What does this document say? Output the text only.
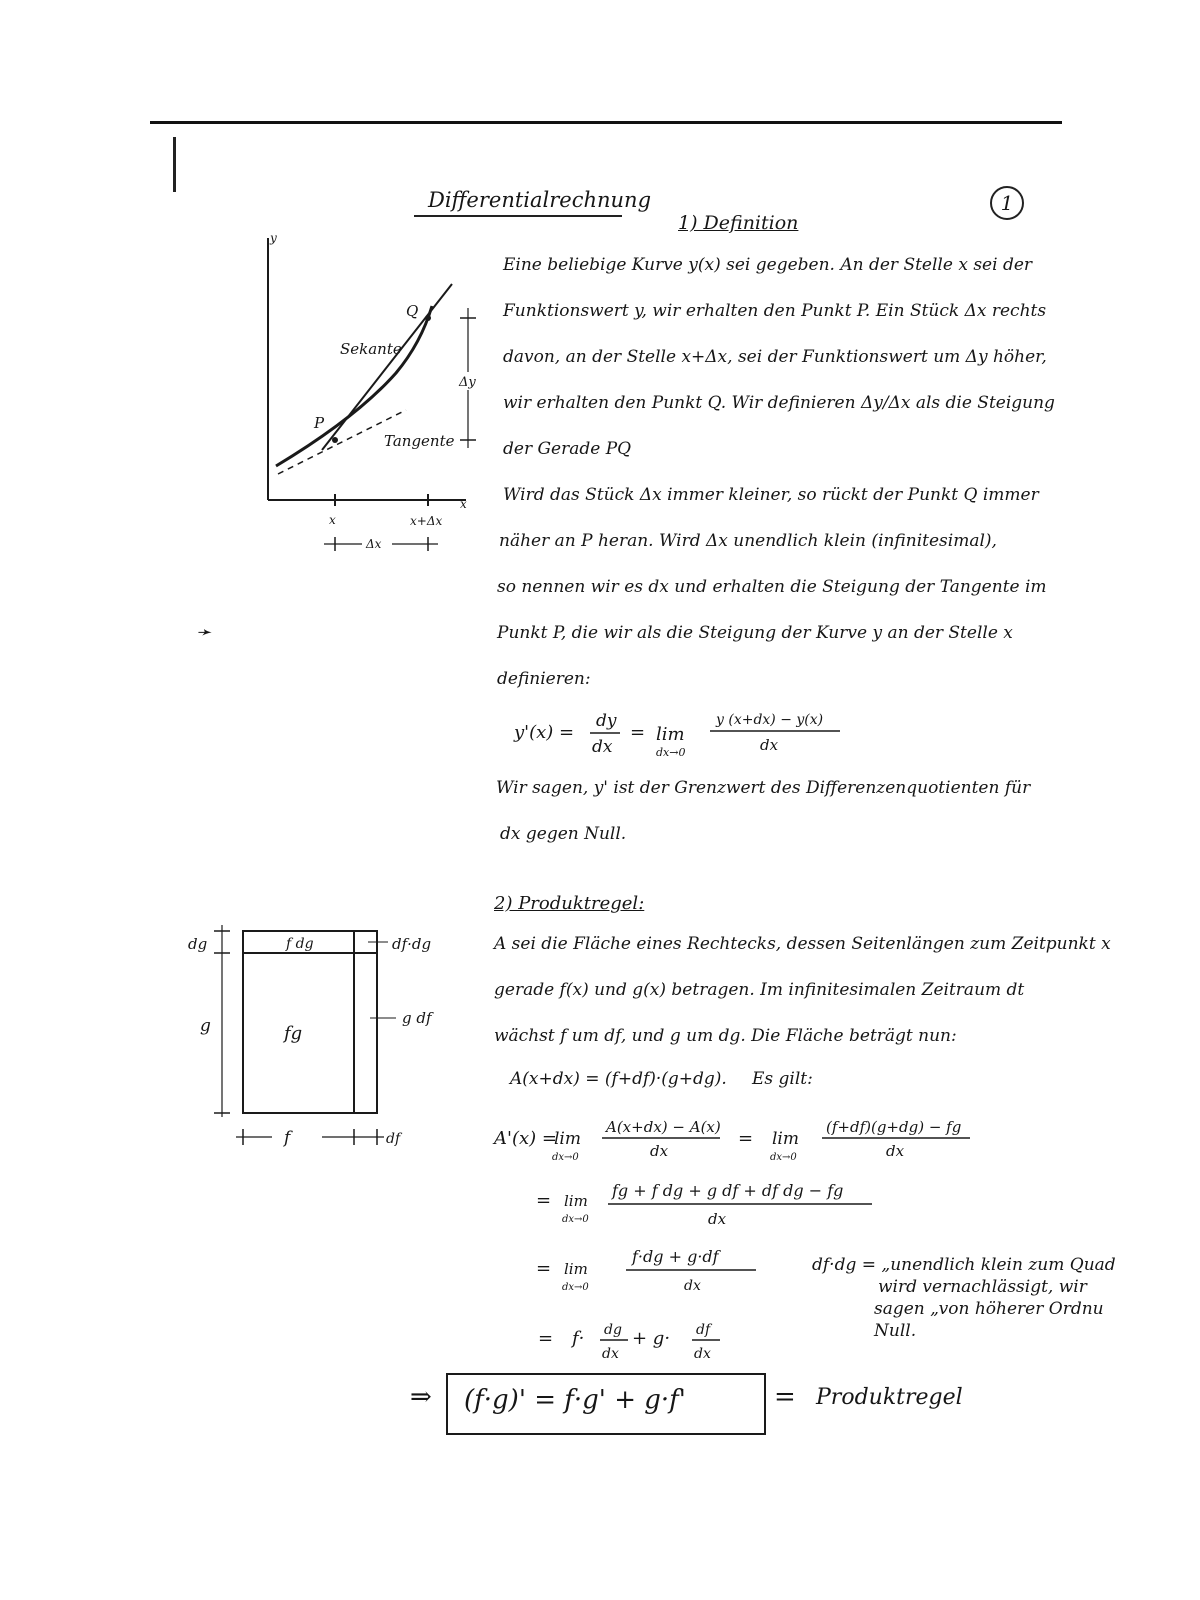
➛
Differentialrechnung	1
1) Definition
y
x
Q
P
Sekante
Tangente
Δy
x	x+Δx
Δx
Eine beliebige Kurve y(x) sei gegeben. An der Stelle x sei der
Funktionswert y, wir erhalten den Punkt P. Ein Stück Δx rechts
davon, an der Stelle x+Δx, sei der Funktionswert um Δy höher,
wir erhalten den Punkt Q. Wir definieren Δy/Δx als die Steigung
der Gerade PQ
Wird das Stück Δx immer kleiner, so rückt der Punkt Q immer
näher an P heran. Wird Δx unendlich klein (infinitesimal),
so nennen wir es dx und erhalten die Steigung der Tangente im
Punkt P, die wir als die Steigung der Kurve y an der Stelle x
definieren:
y'(x) =
dy
dx
= lim
dx→0
y (x+dx) − y(x)
dx
Wir sagen, y' ist der Grenzwert des Differenzenquotienten für
dx gegen Null.
2) Produktregel:
dg
g
f dg	df·dg
fg
g df
f	df
A sei die Fläche eines Rechtecks, dessen Seitenlängen zum Zeitpunkt x
gerade f(x) und g(x) betragen. Im infinitesimalen Zeitraum dt
wächst f um df, und g um dg. Die Fläche beträgt nun:
A(x+dx) = (f+df)·(g+dg). Es gilt:
A'(x) =
lim
dx→0
A(x+dx) − A(x)
dx
= lim
dx→0
(f+df)(g+dg) − fg
dx
= lim
dx→0
fg + f dg + g df + df dg − fg
dx
= lim
dx→0
f·dg + g·df
dx
= f· dg
dx
+ g· df
dx
df·dg = „unendlich klein zum Quad
wird vernachlässigt, wir
sagen „von höherer Ordnu
Null.
⇒ (f·g)' = f·g' + g·f'	= Produktregel
